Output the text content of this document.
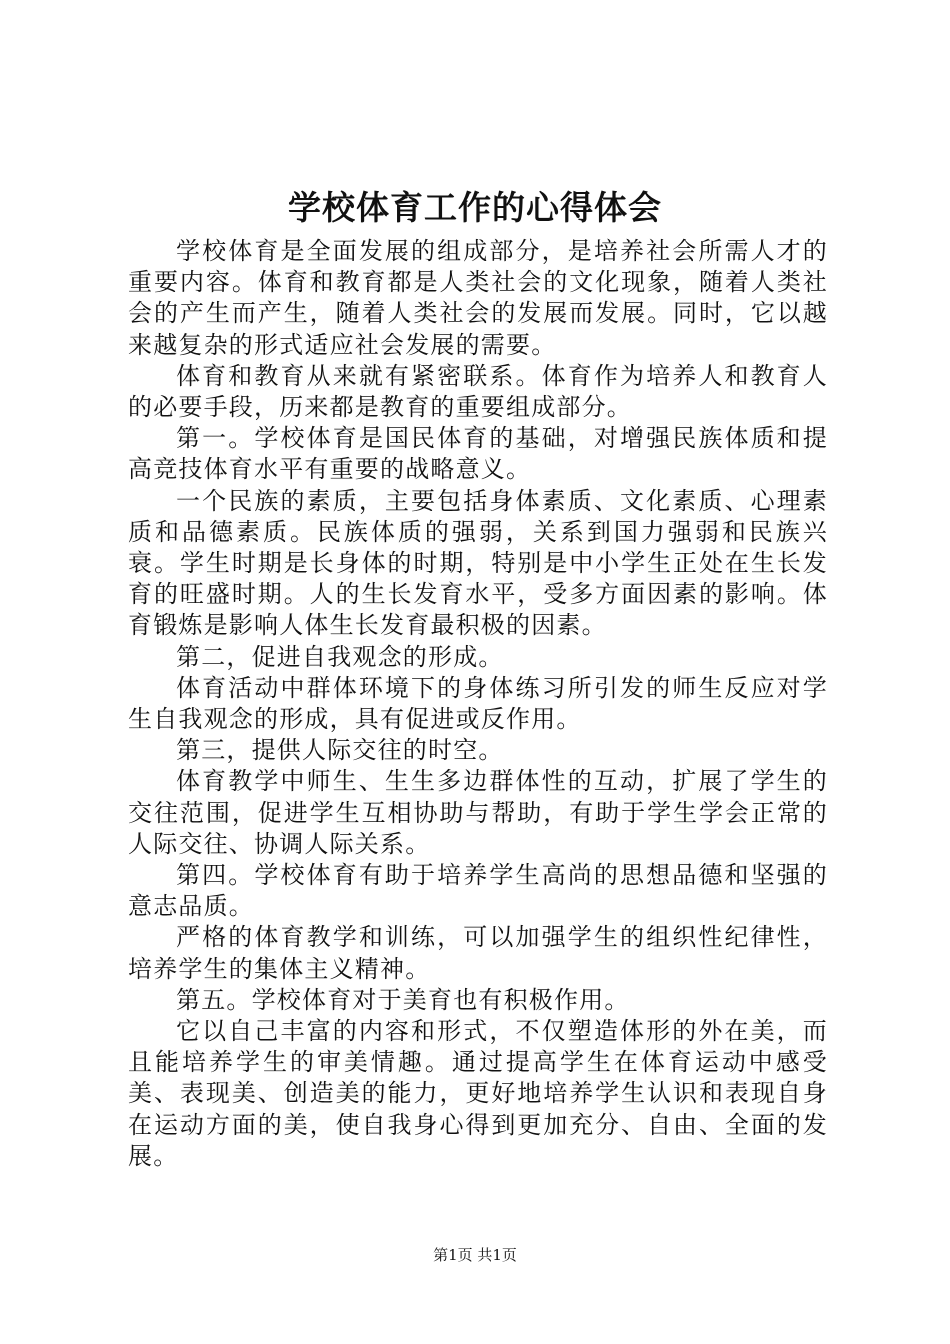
学校体育工作的心得体会

学校体育是全面发展的组成部分，是培养社会所需人才的重要内容。体育和教育都是人类社会的文化现象，随着人类社会的产生而产生，随着人类社会的发展而发展。同时，它以越来越复杂的形式适应社会发展的需要。

体育和教育从来就有紧密联系。体育作为培养人和教育人的必要手段，历来都是教育的重要组成部分。

第一。学校体育是国民体育的基础，对增强民族体质和提高竞技体育水平有重要的战略意义。

一个民族的素质，主要包括身体素质、文化素质、心理素质和品德素质。民族体质的强弱，关系到国力强弱和民族兴衰。学生时期是长身体的时期，特别是中小学生正处在生长发育的旺盛时期。人的生长发育水平，受多方面因素的影响。体育锻炼是影响人体生长发育最积极的因素。

第二，促进自我观念的形成。

体育活动中群体环境下的身体练习所引发的师生反应对学生自我观念的形成，具有促进或反作用。

第三，提供人际交往的时空。

体育教学中师生、生生多边群体性的互动，扩展了学生的交往范围，促进学生互相协助与帮助，有助于学生学会正常的人际交往、协调人际关系。

第四。学校体育有助于培养学生高尚的思想品德和坚强的意志品质。

严格的体育教学和训练，可以加强学生的组织性纪律性，培养学生的集体主义精神。

第五。学校体育对于美育也有积极作用。

它以自己丰富的内容和形式，不仅塑造体形的外在美，而且能培养学生的审美情趣。通过提高学生在体育运动中感受美、表现美、创造美的能力，更好地培养学生认识和表现自身在运动方面的美，使自我身心得到更加充分、自由、全面的发展。

第1页 共1页
